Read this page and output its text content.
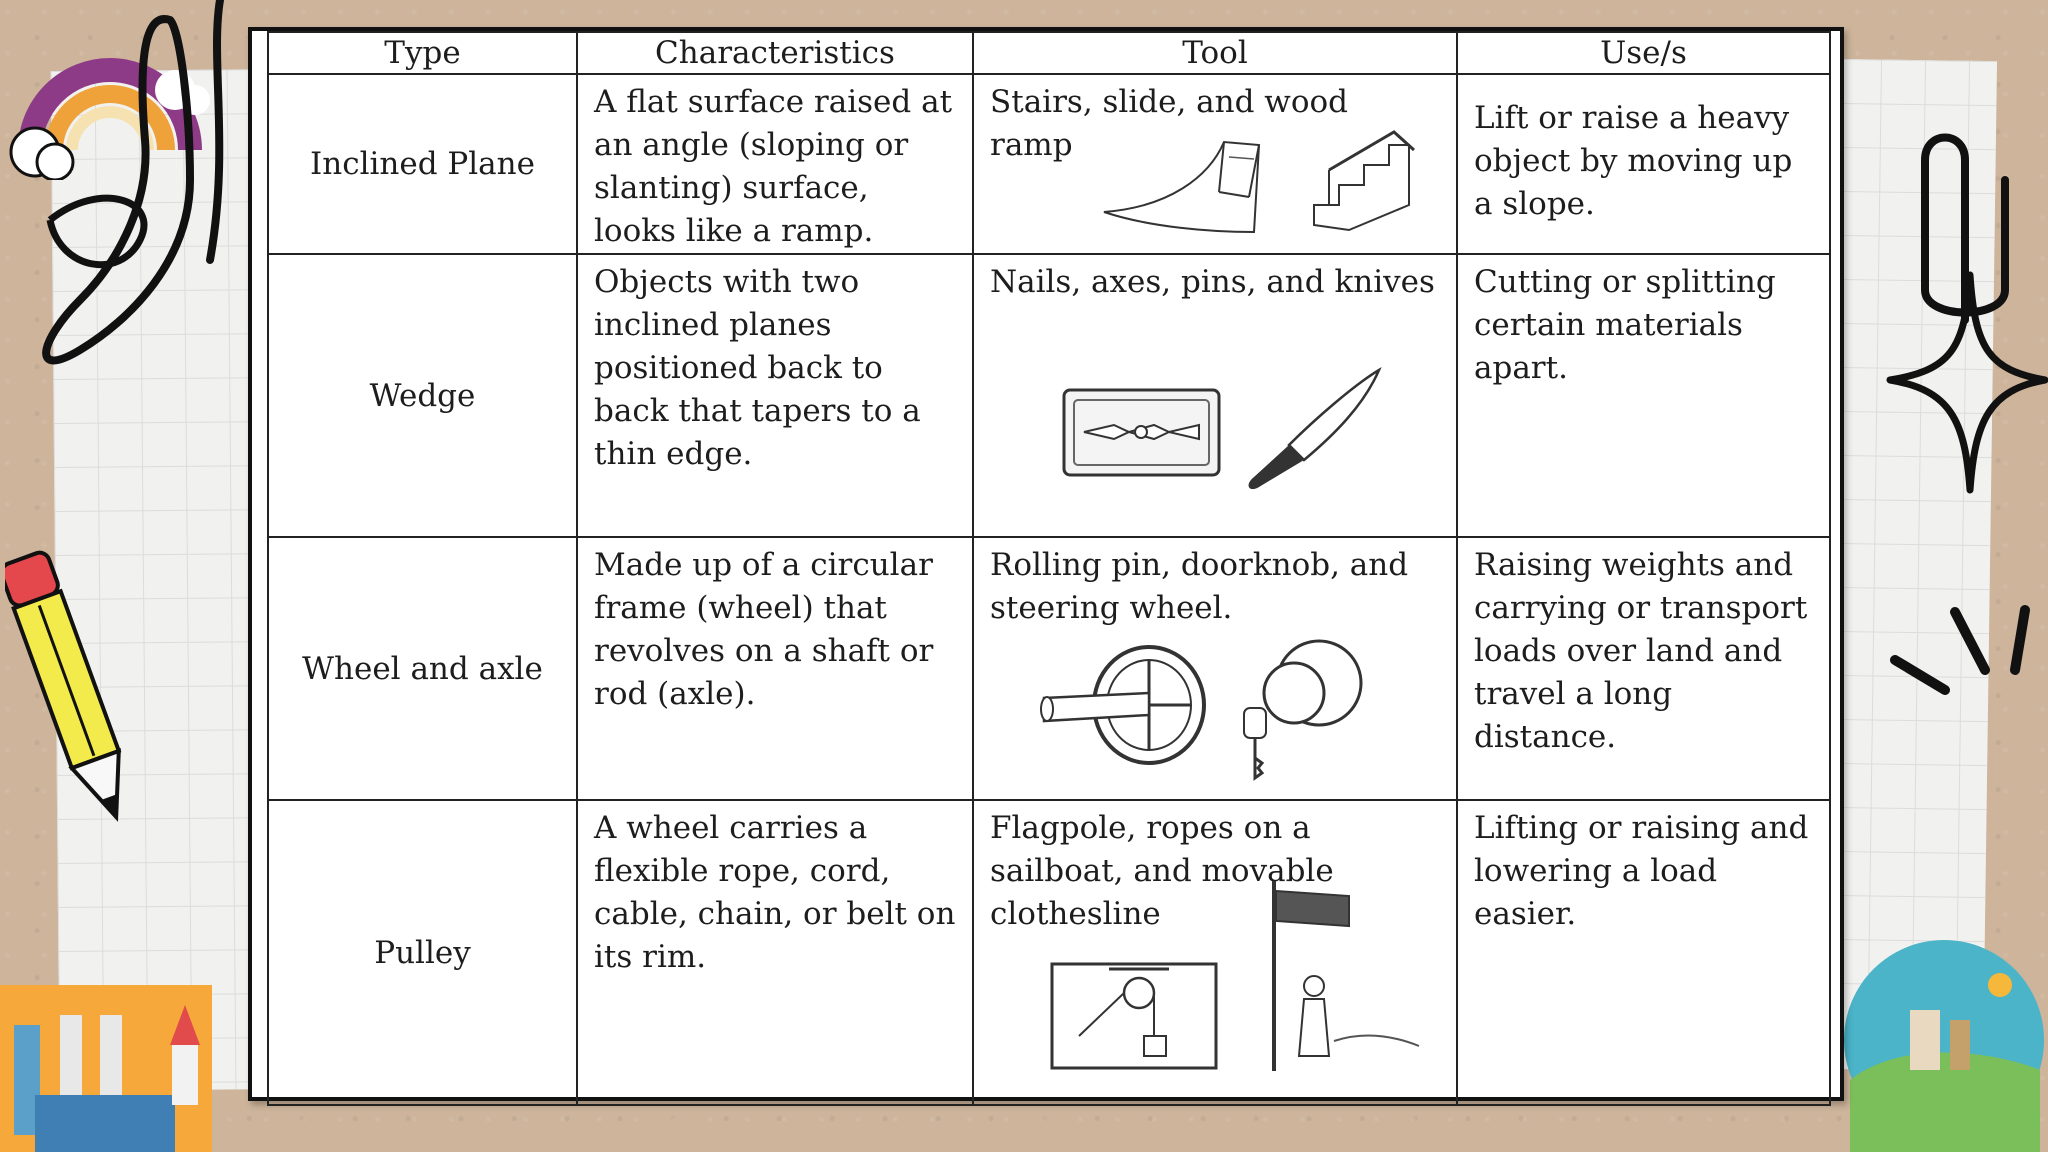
Type	Characteristics	Tool	Use/s
Inclined Plane	A flat surface raised at an angle (sloping or slanting) surface, looks like a ramp.	Stairs, slide, and wood ramp	Lift or raise a heavy object by moving up a slope.
Wedge	Objects with two inclined planes positioned back to back that tapers to a thin edge.	Nails, axes, pins, and knives	Cutting or splitting certain materials apart.
Wheel and axle	Made up of a circular frame (wheel) that revolves on a shaft or rod (axle).	Rolling pin, doorknob, and steering wheel.	Raising weights and carrying or transport loads over land and travel a long distance.
Pulley	A wheel carries a flexible rope, cord, cable, chain, or belt on its rim.	Flagpole, ropes on a sailboat, and movable clothesline	Lifting or raising and lowering a load easier.
